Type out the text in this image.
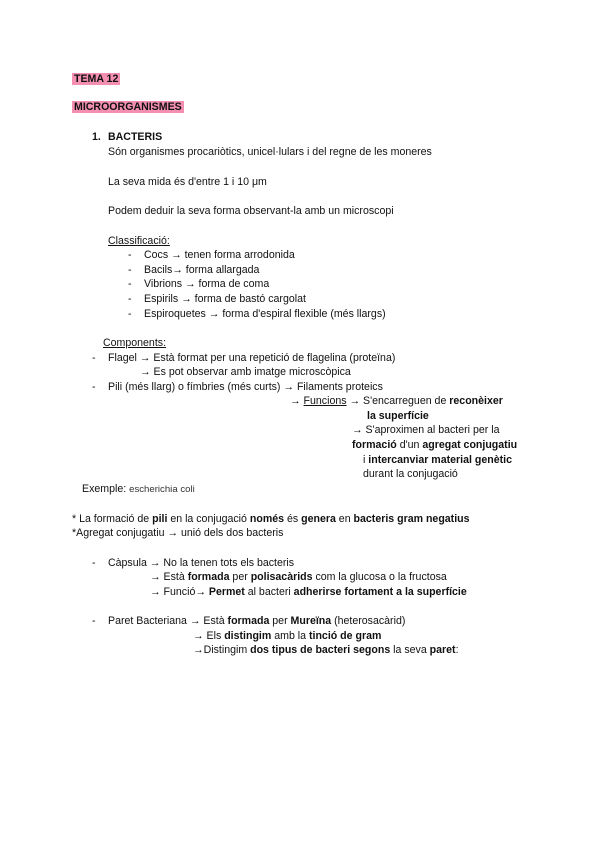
TEMA 12
MICROORGANISMES
1. BACTERIS
Són organismes procariòtics, unicel·lulars i del regne de les moneres
La seva mida és d'entre 1 i 10 μm
Podem deduir la seva forma observant-la amb un microscopi
Classificació:
- Cocs → tenen forma arrodonida
- Bacils→ forma allargada
- Vibrions → forma de coma
- Espirils → forma de bastó cargolat
- Espiroquetes → forma d'espiral flexible (més llargs)
Components:
- Flagel → Està format per una repetició de flagelina (proteïna)
→ Es pot observar amb imatge microscòpica
- Pili (més llarg) o fímbries (més curts) → Filaments proteics
→ Funcions → S'encarreguen de reconèixer
la superfície
→ S'aproximen al bacteri per la
formació d'un agregat conjugatiu
i intercanviar material genètic
durant la conjugació
Exemple: escherichia coli
* La formació de pili en la conjugació només és genera en bacteris gram negatius
*Agregat conjugatiu → unió dels dos bacteris
- Càpsula → No la tenen tots els bacteris
→ Està formada per polisacàrids com la glucosa o la fructosa
→ Funció→ Permet al bacteri adherirse fortament a la superfície
- Paret Bacteriana → Està formada per Mureïna (heterosacàrid)
→ Els distingim amb la tinció de gram
→Distingim dos tipus de bacteri segons la seva paret:
